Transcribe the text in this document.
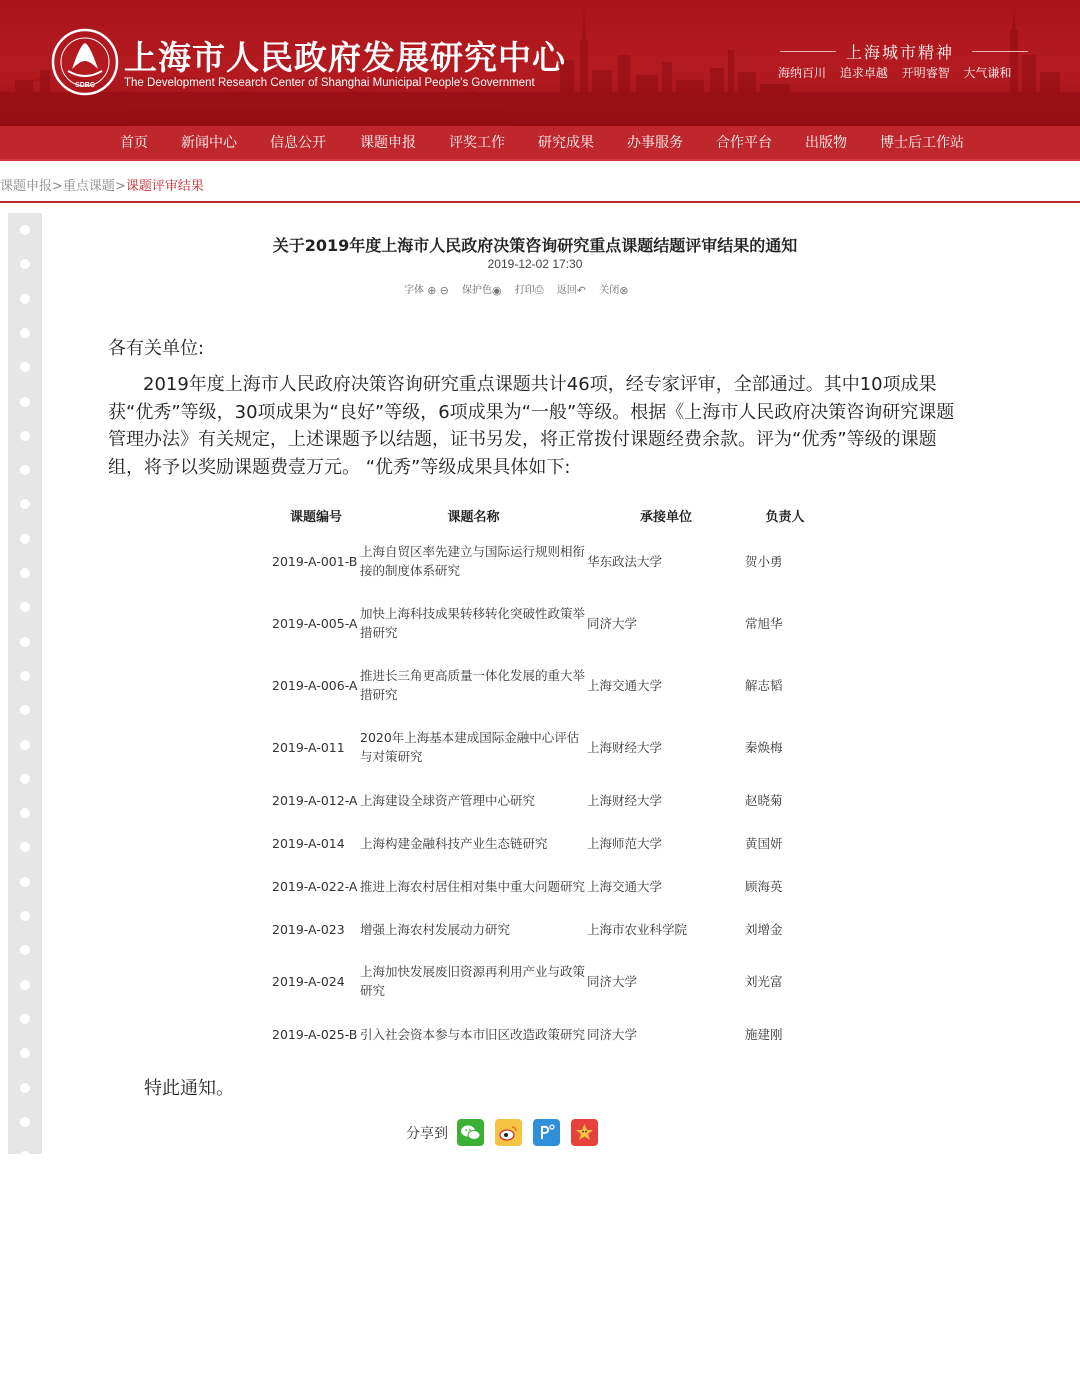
SDRC
上海市人民政府发展研究中心
The Development Research Center of Shanghai Municipal People's Government
上海城市精神
海纳百川 追求卓越 开明睿智 大气谦和
首页 新闻中心 信息公开 课题申报 评奖工作 研究成果 办事服务 合作平台 出版物 博士后工作站
课题申报>重点课题>课题评审结果
关于2019年度上海市人民政府决策咨询研究重点课题结题评审结果的通知
2019-12-02 17:30
字体 ⊕ ⊖ 保护色◉ 打印⎙ 返回↶ 关闭⊗
各有关单位:
2019年度上海市人民政府决策咨询研究重点课题共计46项，经专家评审，全部通过。其中10项成果获“优秀”等级，30项成果为“良好”等级，6项成果为“一般”等级。根据《上海市人民政府决策咨询研究课题管理办法》有关规定，上述课题予以结题，证书另发，将正常拨付课题经费余款。评为“优秀”等级的课题组，将予以奖励课题费壹万元。 “优秀”等级成果具体如下:
课题编号	课题名称	承接单位	负责人
2019-A-001-B	上海自贸区率先建立与国际运行规则相衔接的制度体系研究	华东政法大学	贺小勇
2019-A-005-A	加快上海科技成果转移转化突破性政策举措研究	同济大学	常旭华
2019-A-006-A	推进长三角更高质量一体化发展的重大举措研究	上海交通大学	解志韬
2019-A-011	2020年上海基本建成国际金融中心评估与对策研究	上海财经大学	秦焕梅
2019-A-012-A	上海建设全球资产管理中心研究	上海财经大学	赵晓菊
2019-A-014	上海构建金融科技产业生态链研究	上海师范大学	黄国妍
2019-A-022-A	推进上海农村居住相对集中重大问题研究	上海交通大学	顾海英
2019-A-023	增强上海农村发展动力研究	上海市农业科学院	刘增金
2019-A-024	上海加快发展废旧资源再利用产业与政策研究	同济大学	刘光富
2019-A-025-B	引入社会资本参与本市旧区改造政策研究	同济大学	施建刚
特此通知。
分享到
